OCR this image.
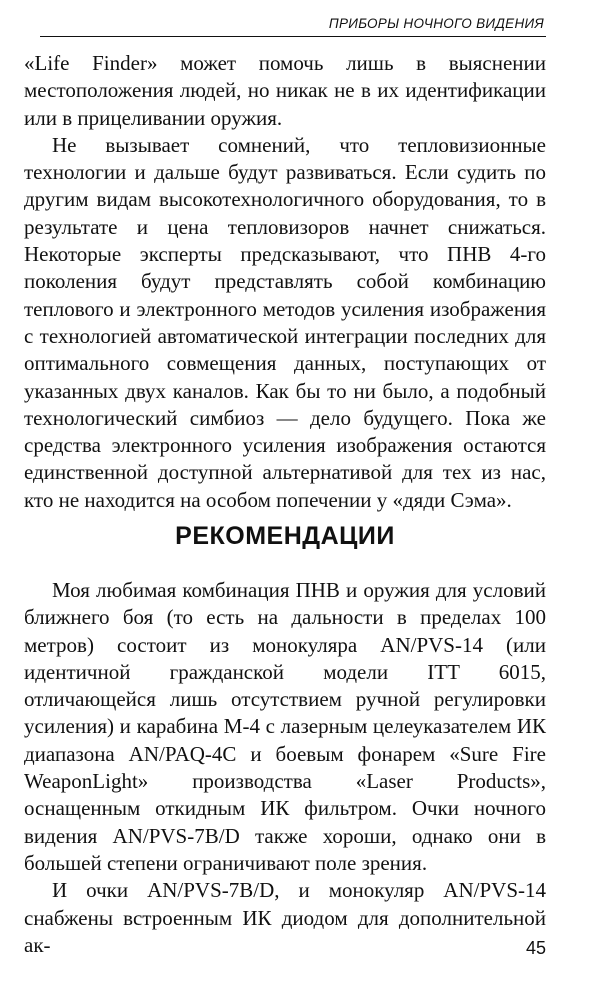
ПРИБОРЫ НОЧНОГО ВИДЕНИЯ

«Life Finder» может помочь лишь в выяснении местоположения людей, но никак не в их идентификации или в прицеливании оружия.

Не вызывает сомнений, что тепловизионные технологии и дальше будут развиваться. Если судить по другим видам высокотехнологичного оборудования, то в результате и цена тепловизоров начнет снижаться. Некоторые эксперты предсказывают, что ПНВ 4-го поколения будут представлять собой комбинацию теплового и электронного методов усиления изображения с технологией автоматической интеграции последних для оптимального совмещения данных, поступающих от указанных двух каналов. Как бы то ни было, а подобный технологический симбиоз — дело будущего. Пока же средства электронного усиления изображения остаются единственной доступной альтернативой для тех из нас, кто не находится на особом попечении у «дяди Сэма».

РЕКОМЕНДАЦИИ

Моя любимая комбинация ПНВ и оружия для условий ближнего боя (то есть на дальности в пределах 100 метров) состоит из монокуляра AN/PVS-14 (или идентичной гражданской модели ITT 6015, отличающейся лишь отсутствием ручной регулировки усиления) и карабина М-4 с лазерным целеуказателем ИК диапазона AN/PAQ-4C и боевым фонарем «Sure Fire WeaponLight» производства «Laser Products», оснащенным откидным ИК фильтром. Очки ночного видения AN/PVS-7B/D также хороши, однако они в большей степени ограничивают поле зрения.

И очки AN/PVS-7B/D, и монокуляр AN/PVS-14 снабжены встроенным ИК диодом для дополнительной ак-	45
